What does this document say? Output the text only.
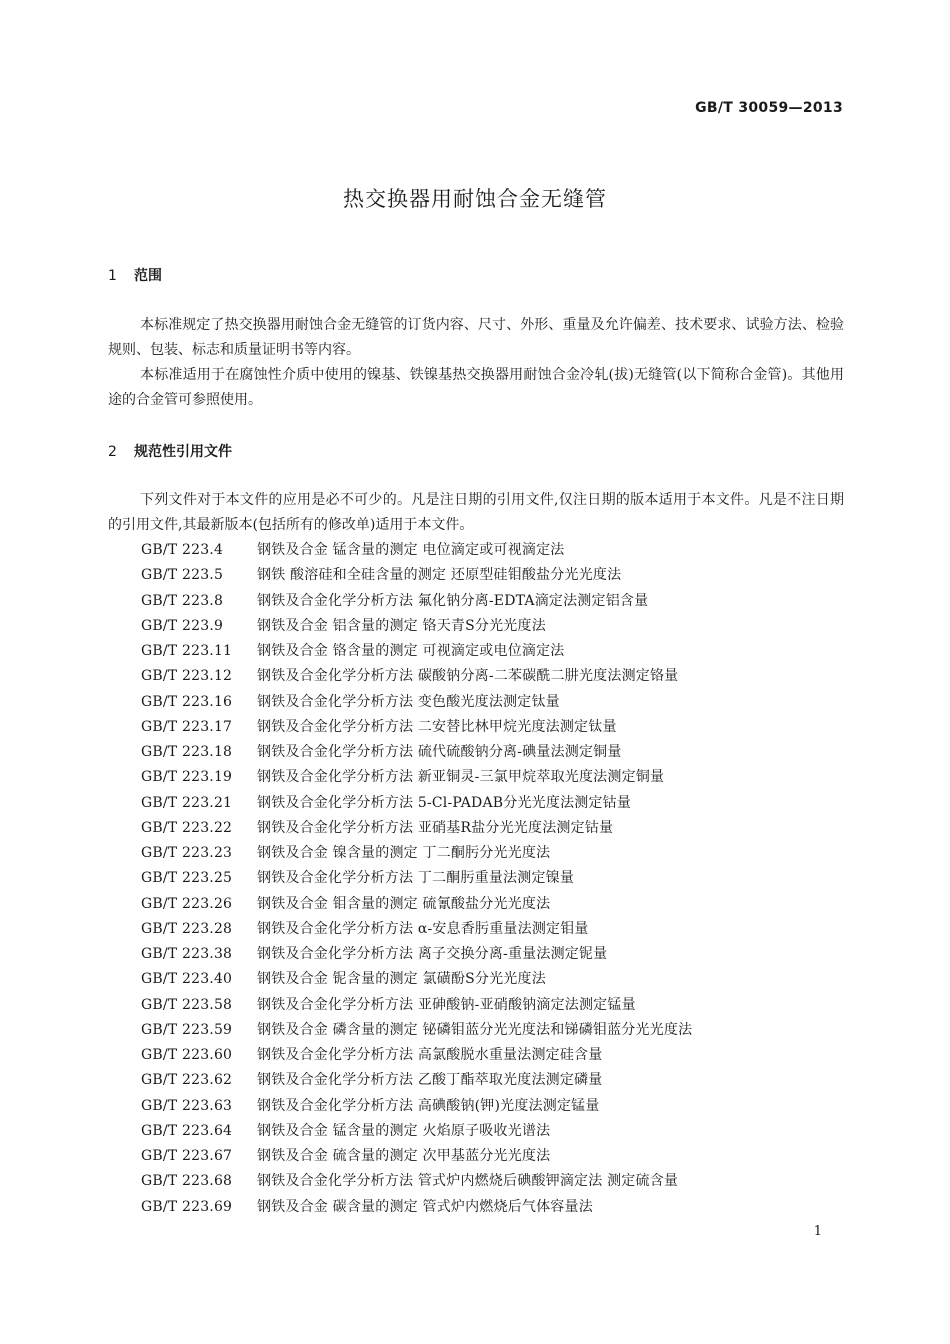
GB/T 30059—2013
热交换器用耐蚀合金无缝管
1 范围
本标准规定了热交换器用耐蚀合金无缝管的订货内容、尺寸、外形、重量及允许偏差、技术要求、试验方法、检验规则、包装、标志和质量证明书等内容。
本标准适用于在腐蚀性介质中使用的镍基、铁镍基热交换器用耐蚀合金冷轧(拔)无缝管(以下简称合金管)。其他用途的合金管可参照使用。
2 规范性引用文件
下列文件对于本文件的应用是必不可少的。凡是注日期的引用文件,仅注日期的版本适用于本文件。凡是不注日期的引用文件,其最新版本(包括所有的修改单)适用于本文件。
GB/T 223.4	钢铁及合金 锰含量的测定 电位滴定或可视滴定法
GB/T 223.5	钢铁 酸溶硅和全硅含量的测定 还原型硅钼酸盐分光光度法
GB/T 223.8	钢铁及合金化学分析方法 氟化钠分离-EDTA滴定法测定铝含量
GB/T 223.9	钢铁及合金 铝含量的测定 铬天青S分光光度法
GB/T 223.11	钢铁及合金 铬含量的测定 可视滴定或电位滴定法
GB/T 223.12	钢铁及合金化学分析方法 碳酸钠分离-二苯碳酰二肼光度法测定铬量
GB/T 223.16	钢铁及合金化学分析方法 变色酸光度法测定钛量
GB/T 223.17	钢铁及合金化学分析方法 二安替比林甲烷光度法测定钛量
GB/T 223.18	钢铁及合金化学分析方法 硫代硫酸钠分离-碘量法测定铜量
GB/T 223.19	钢铁及合金化学分析方法 新亚铜灵-三氯甲烷萃取光度法测定铜量
GB/T 223.21	钢铁及合金化学分析方法 5-Cl-PADAB分光光度法测定钴量
GB/T 223.22	钢铁及合金化学分析方法 亚硝基R盐分光光度法测定钴量
GB/T 223.23	钢铁及合金 镍含量的测定 丁二酮肟分光光度法
GB/T 223.25	钢铁及合金化学分析方法 丁二酮肟重量法测定镍量
GB/T 223.26	钢铁及合金 钼含量的测定 硫氰酸盐分光光度法
GB/T 223.28	钢铁及合金化学分析方法 α-安息香肟重量法测定钼量
GB/T 223.38	钢铁及合金化学分析方法 离子交换分离-重量法测定铌量
GB/T 223.40	钢铁及合金 铌含量的测定 氯磺酚S分光光度法
GB/T 223.58	钢铁及合金化学分析方法 亚砷酸钠-亚硝酸钠滴定法测定锰量
GB/T 223.59	钢铁及合金 磷含量的测定 铋磷钼蓝分光光度法和锑磷钼蓝分光光度法
GB/T 223.60	钢铁及合金化学分析方法 高氯酸脱水重量法测定硅含量
GB/T 223.62	钢铁及合金化学分析方法 乙酸丁酯萃取光度法测定磷量
GB/T 223.63	钢铁及合金化学分析方法 高碘酸钠(钾)光度法测定锰量
GB/T 223.64	钢铁及合金 锰含量的测定 火焰原子吸收光谱法
GB/T 223.67	钢铁及合金 硫含量的测定 次甲基蓝分光光度法
GB/T 223.68	钢铁及合金化学分析方法 管式炉内燃烧后碘酸钾滴定法 测定硫含量
GB/T 223.69	钢铁及合金 碳含量的测定 管式炉内燃烧后气体容量法
1
